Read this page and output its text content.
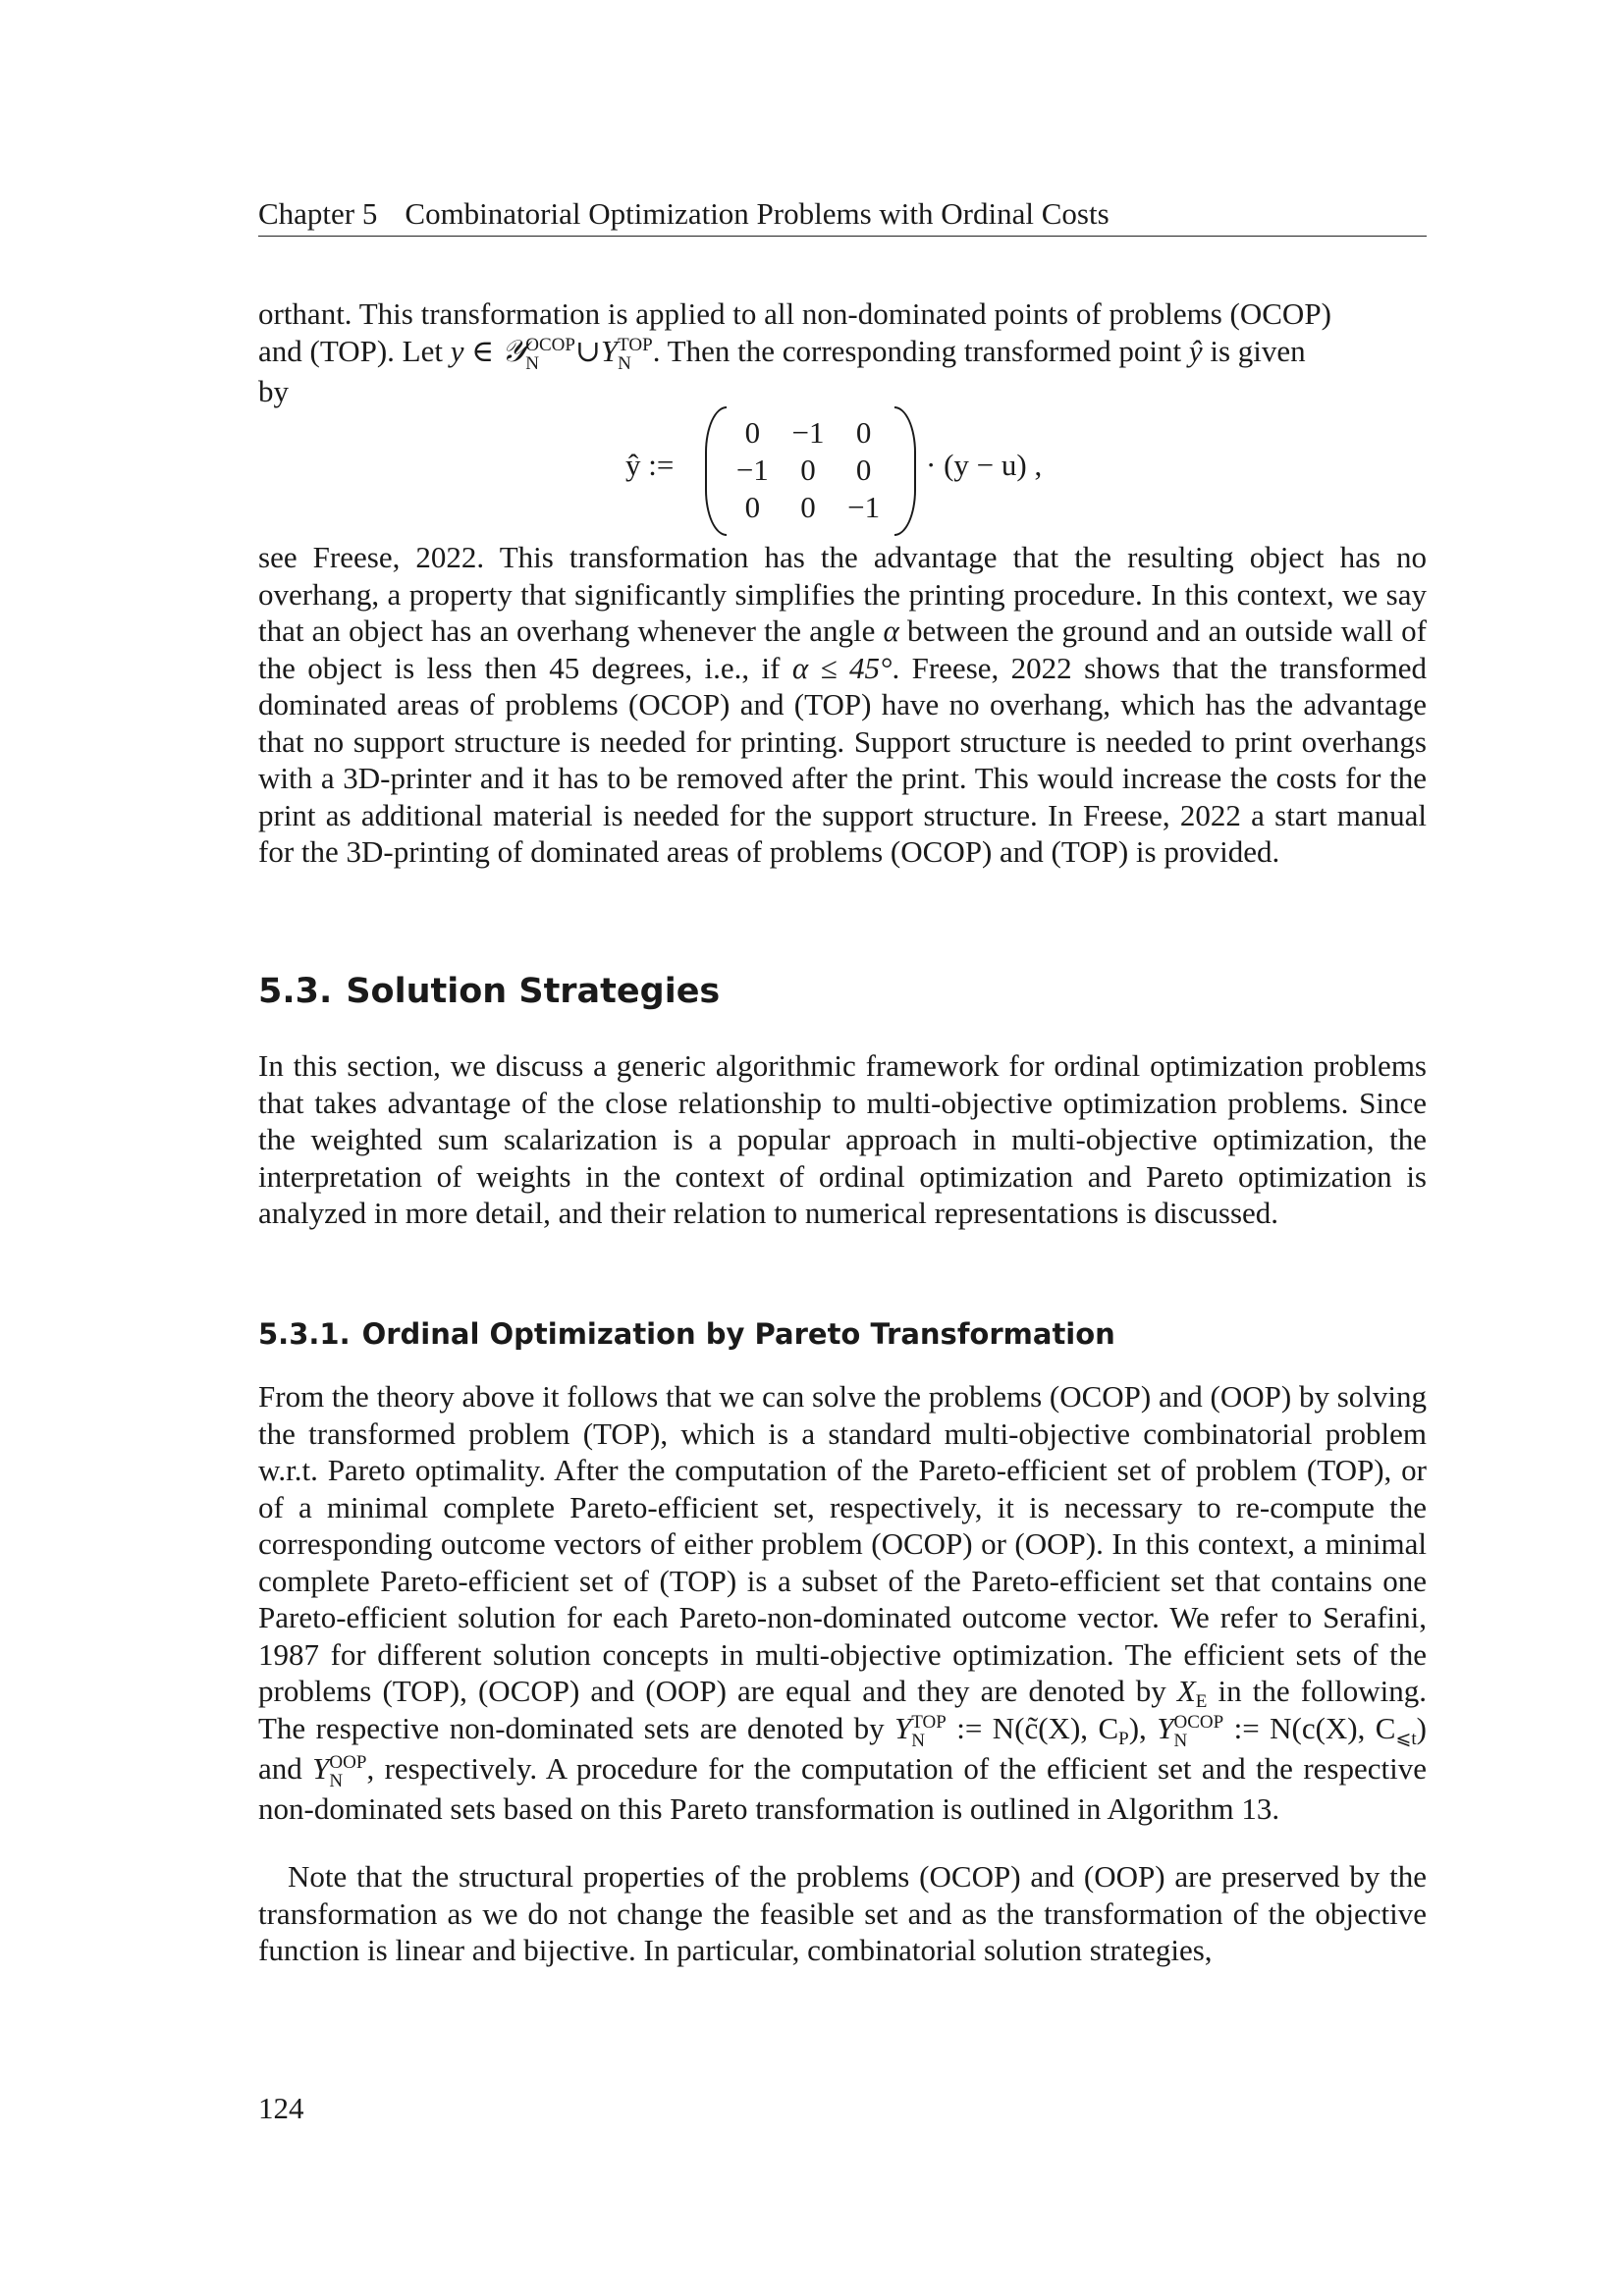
Chapter 5 Combinatorial Optimization Problems with Ordinal Costs

orthant. This transformation is applied to all non-dominated points of problems (OCOP)
and (TOP). Let y ∈ 𝒴 OCOP
N	∪Y TOP
N . Then the corresponding transformed point ŷ is given
by

ŷ :=
0	−1	0
−1	0	0
0	0	−1
· (y − u) ,

see Freese, 2022. This transformation has the advantage that the resulting object has no overhang, a property that significantly simplifies the printing procedure. In this context, we say that an object has an overhang whenever the angle α between the ground and an outside wall of the object is less then 45 degrees, i.e., if α ≤ 45°. Freese, 2022 shows that the transformed dominated areas of problems (OCOP) and (TOP) have no overhang, which has the advantage that no support structure is needed for printing. Support structure is needed to print overhangs with a 3D-printer and it has to be removed after the print. This would increase the costs for the print as additional material is needed for the support structure. In Freese, 2022 a start manual for the 3D-printing of dominated areas of problems (OCOP) and (TOP) is provided.

5.3. Solution Strategies

In this section, we discuss a generic algorithmic framework for ordinal optimization problems that takes advantage of the close relationship to multi-objective optimization problems. Since the weighted sum scalarization is a popular approach in multi-objective optimization, the interpretation of weights in the context of ordinal optimization and Pareto optimization is analyzed in more detail, and their relation to numerical representations is discussed.

5.3.1. Ordinal Optimization by Pareto Transformation

From the theory above it follows that we can solve the problems (OCOP) and (OOP) by solving the transformed problem (TOP), which is a standard multi-objective combinatorial problem w.r.t. Pareto optimality. After the computation of the Pareto-efficient set of problem (TOP), or of a minimal complete Pareto-efficient set, respectively, it is necessary to re-compute the corresponding outcome vectors of either problem (OCOP) or (OOP). In this context, a minimal complete Pareto-efficient set of (TOP) is a subset of the Pareto-efficient set that contains one Pareto-efficient solution for each Pareto-non-dominated outcome vector. We refer to Serafini, 1987 for different solution concepts in multi-objective optimization. The efficient sets of the problems (TOP), (OCOP) and (OOP) are equal and they are denoted by $X_E$ in the following. The respective non-dominated sets are denoted by Y TOP
N := N(c̃(X), $C_P$), Y OCOP
N	:= N(c(X), $C_{⩽t}$) and Y OOP
N , respectively. A procedure for the computation of the efficient set and the respective non-dominated sets based on this Pareto transformation is outlined in Algorithm 13.

Note that the structural properties of the problems (OCOP) and (OOP) are preserved by the transformation as we do not change the feasible set and as the transformation of the objective function is linear and bijective. In particular, combinatorial solution strategies,

124
